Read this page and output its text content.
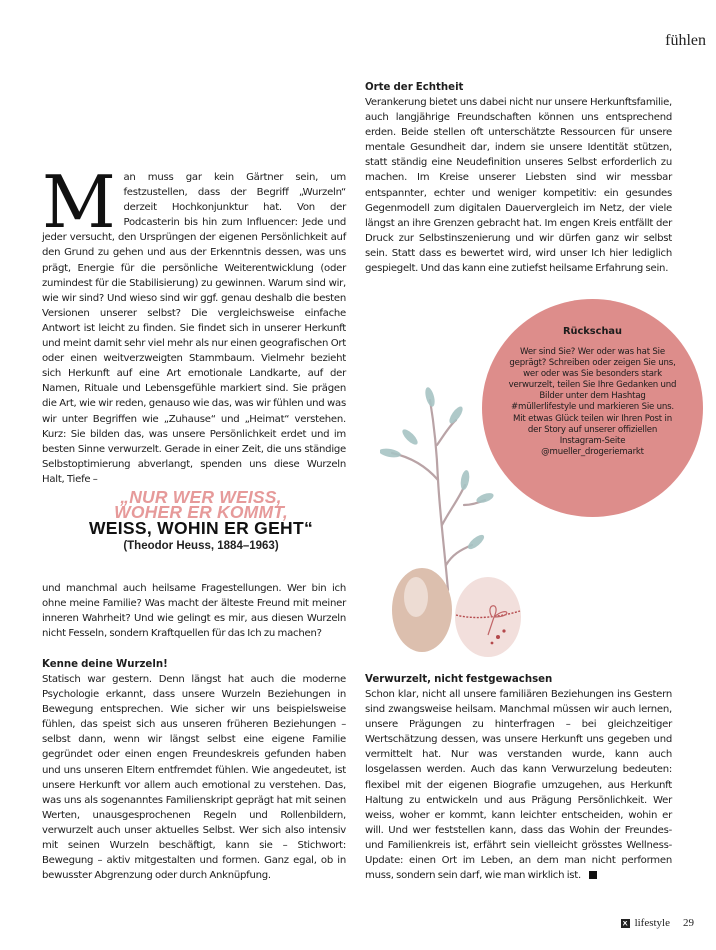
fühlen
M an muss gar kein Gärtner sein, um festzustellen, dass der Begriff „Wurzeln“ derzeit Hochkonjunktur hat. Von der Podcasterin bis hin zum Influencer: Jede und jeder versucht, den Ursprüngen der eigenen Persönlichkeit auf den Grund zu gehen und aus der Erkenntnis dessen, was uns prägt, Energie für die persönliche Weiterentwicklung (oder zumindest für die Stabilisierung) zu gewinnen. Warum sind wir, wie wir sind? Und wieso sind wir ggf. genau deshalb die besten Versionen unserer selbst? Die vergleichsweise einfache Antwort ist leicht zu finden. Sie findet sich in unserer Herkunft und meint damit sehr viel mehr als nur einen geografischen Ort oder einen weitverzweigten Stammbaum. Vielmehr bezieht sich Herkunft auf eine Art emotionale Landkarte, auf der Namen, Rituale und Lebensgefühle markiert sind. Sie prägen die Art, wie wir reden, genauso wie das, was wir fühlen und was wir unter Begriffen wie „Zuhause“ und „Heimat“ verstehen. Kurz: Sie bilden das, was unsere Persönlichkeit erdet und im besten Sinne verwurzelt. Gerade in einer Zeit, die uns ständige Selbstoptimierung abverlangt, spenden uns diese Wurzeln Halt, Tiefe –

„NUR WER WEISS,
WOHER ER KOMMT,
WEISS, WOHIN ER GEHT“
(Theodor Heuss, 1884–1963)

und manchmal auch heilsame Fragestellungen. Wer bin ich ohne meine Familie? Was macht der älteste Freund mit meiner inneren Wahrheit? Und wie gelingt es mir, aus diesen Wurzeln nicht Fesseln, sondern Kraftquellen für das Ich zu machen?

Kenne deine Wurzeln!

Statisch war gestern. Denn längst hat auch die moderne Psychologie erkannt, dass unsere Wurzeln Beziehungen in Bewegung entsprechen. Wie sicher wir uns beispielsweise fühlen, das speist sich aus unseren früheren Beziehungen – selbst dann, wenn wir längst selbst eine eigene Familie gegründet oder einen engen Freundeskreis gefunden haben und uns unseren Eltern entfremdet fühlen. Wie angedeutet, ist unsere Herkunft vor allem auch emotional zu verstehen. Das, was uns als sogenanntes Familienskript geprägt hat mit seinen Werten, unausgesprochenen Regeln und Rollenbildern, verwurzelt auch unser aktuelles Selbst. Wer sich also intensiv mit seinen Wurzeln beschäftigt, kann sie – Stichwort: Bewegung – aktiv mitgestalten und formen. Ganz egal, ob in bewusster Abgrenzung oder durch Anknüpfung.

Orte der Echtheit

Verankerung bietet uns dabei nicht nur unsere Herkunftsfamilie, auch langjährige Freundschaften können uns entsprechend erden. Beide stellen oft unterschätzte Ressourcen für unsere mentale Gesundheit dar, indem sie unsere Identität stützen, statt ständig eine Neudefinition unseres Selbst erforderlich zu machen. Im Kreise unserer Liebsten sind wir messbar entspannter, echter und weniger kompetitiv: ein gesundes Gegenmodell zum digitalen Dauervergleich im Netz, der viele längst an ihre Grenzen gebracht hat. Im engen Kreis entfällt der Druck zur Selbstinszenierung und wir dürfen ganz wir selbst sein. Statt dass es bewertet wird, wird unser Ich hier lediglich gespiegelt. Und das kann eine zutiefst heilsame Erfahrung sein.

Rückschau
Wer sind Sie? Wer oder was hat Sie geprägt? Schreiben oder zeigen Sie uns, wer oder was Sie besonders stark verwurzelt, teilen Sie Ihre Gedanken und Bilder unter dem Hashtag #müllerlifestyle und markieren Sie uns. Mit etwas Glück teilen wir Ihren Post in der Story auf unserer offiziellen Instagram-Seite @mueller_drogeriemarkt
Verwurzelt, nicht festgewachsen

Schon klar, nicht all unsere familiären Beziehungen ins Gestern sind zwangsweise heilsam. Manchmal müssen wir auch lernen, unsere Prägungen zu hinterfragen – bei gleichzeitiger Wertschätzung dessen, was unsere Herkunft uns gegeben und vermittelt hat. Nur was verstanden wurde, kann auch losgelassen werden. Auch das kann Verwurzelung bedeuten: flexibel mit der eigenen Biografie umzugehen, aus Herkunft Haltung zu entwickeln und aus Prägung Persönlichkeit. Wer weiss, woher er kommt, kann leichter entscheiden, wohin er will. Und wer feststellen kann, dass das Wohin der Freundes- und Familienkreis ist, erfährt sein vielleicht grösstes Wellness-Update: einen Ort im Leben, an dem man nicht performen muss, sondern sein darf, wie man wirklich ist.

lifestyle 29
